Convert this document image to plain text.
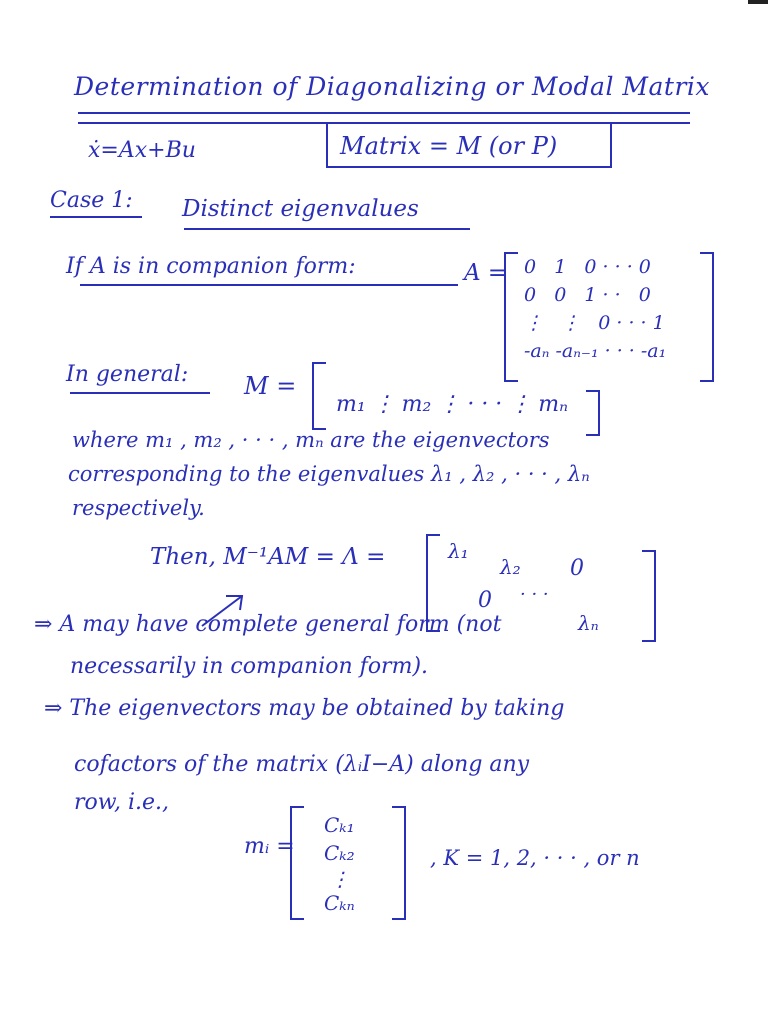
Determination of Diagonalizing or Modal Matrix
ẋ=Ax+Bu	Matrix = M (or P)
Case 1: Distinct eigenvalues
If A is in companion form:	A = 0   1   0 · · · 0
0   0   1 · ·   0
⋮   ⋮   0 · · · 1
-aₙ -aₙ₋₁ · · · -a₁
In general: M =
m₁ ⋮ m₂ ⋮ · · · ⋮ mₙ
where m₁ , m₂ , · · · , mₙ are the eigenvectors
corresponding to the eigenvalues λ₁ , λ₂ , · · · , λₙ
respectively.
Then, M⁻¹AM = Λ =	λ₁
λ₂ 0
0 · · ·
λₙ
⇒ A may have complete general form (not
necessarily in companion form).
⇒ The eigenvectors may be obtained by taking
cofactors of the matrix (λᵢI−A) along any
row, i.e.,
mᵢ =
Cₖ₁
Cₖ₂
⋮
Cₖₙ
, K = 1, 2, · · · , or n
